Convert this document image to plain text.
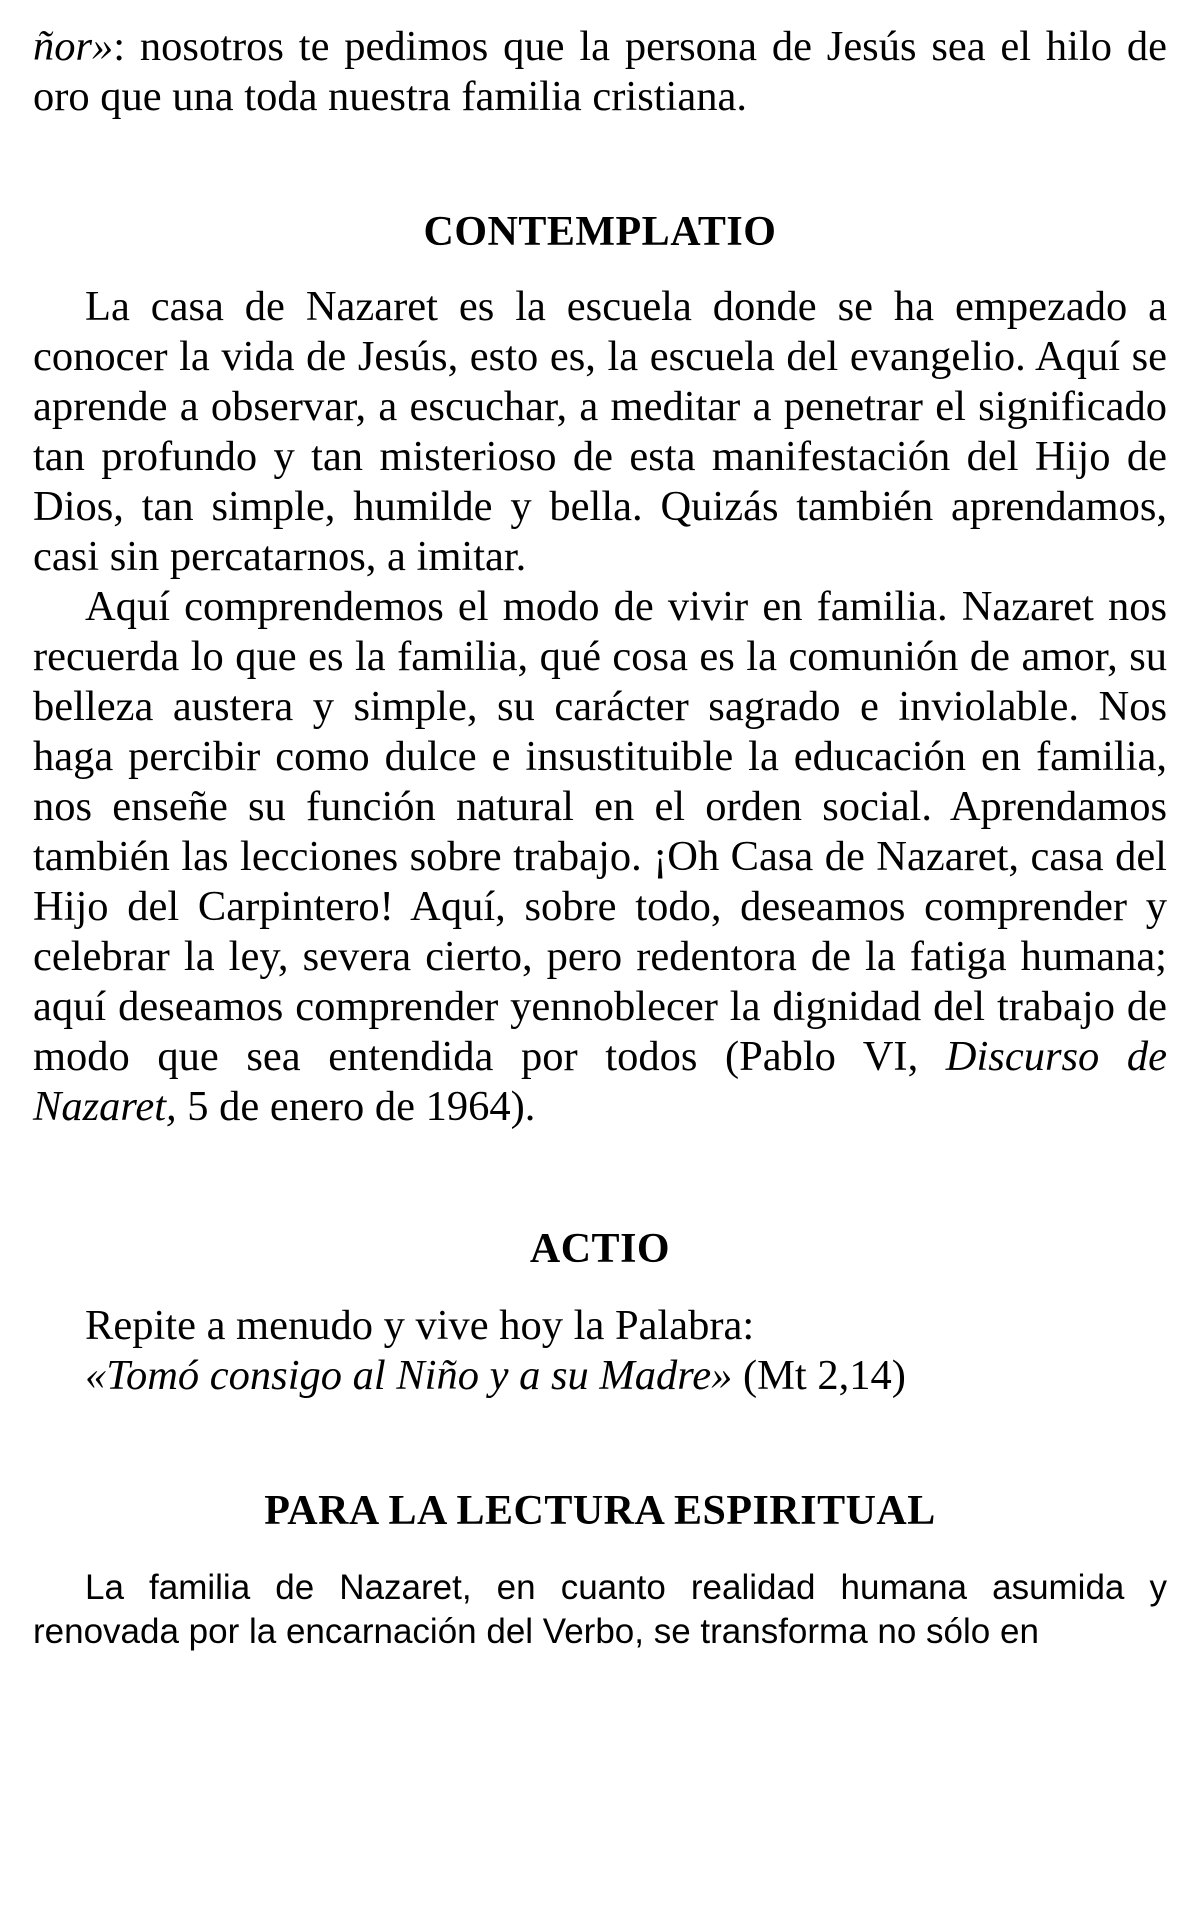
ñor»: nosotros te pedimos que la persona de Jesús sea el hilo de oro que una toda nuestra familia cristiana.

CONTEMPLATIO

La casa de Nazaret es la escuela donde se ha empezado a conocer la vida de Jesús, esto es, la escuela del evangelio. Aquí se aprende a observar, a escuchar, a meditar a penetrar el significado tan profundo y tan misterioso de esta manifestación del Hijo de Dios, tan simple, humilde y bella. Quizás también aprendamos, casi sin percatarnos, a imitar.

Aquí comprendemos el modo de vivir en familia. Nazaret nos recuerda lo que es la familia, qué cosa es la comunión de amor, su belleza austera y simple, su carácter sagrado e inviolable. Nos haga percibir como dulce e insustituible la educación en familia, nos enseñe su función natural en el orden social. Aprendamos también las lecciones sobre trabajo. ¡Oh Casa de Nazaret, casa del Hijo del Carpintero! Aquí, sobre todo, deseamos comprender y celebrar la ley, severa cierto, pero redentora de la fatiga humana; aquí deseamos comprender yennoblecer la dignidad del trabajo de modo que sea entendida por todos (Pablo VI, Discurso de Nazaret, 5 de enero de 1964).

ACTIO

Repite a menudo y vive hoy la Palabra:

«Tomó consigo al Niño y a su Madre» (Mt 2,14)

PARA LA LECTURA ESPIRITUAL

La familia de Nazaret, en cuanto realidad humana asumida y renovada por la encarnación del Verbo, se transforma no sólo en
